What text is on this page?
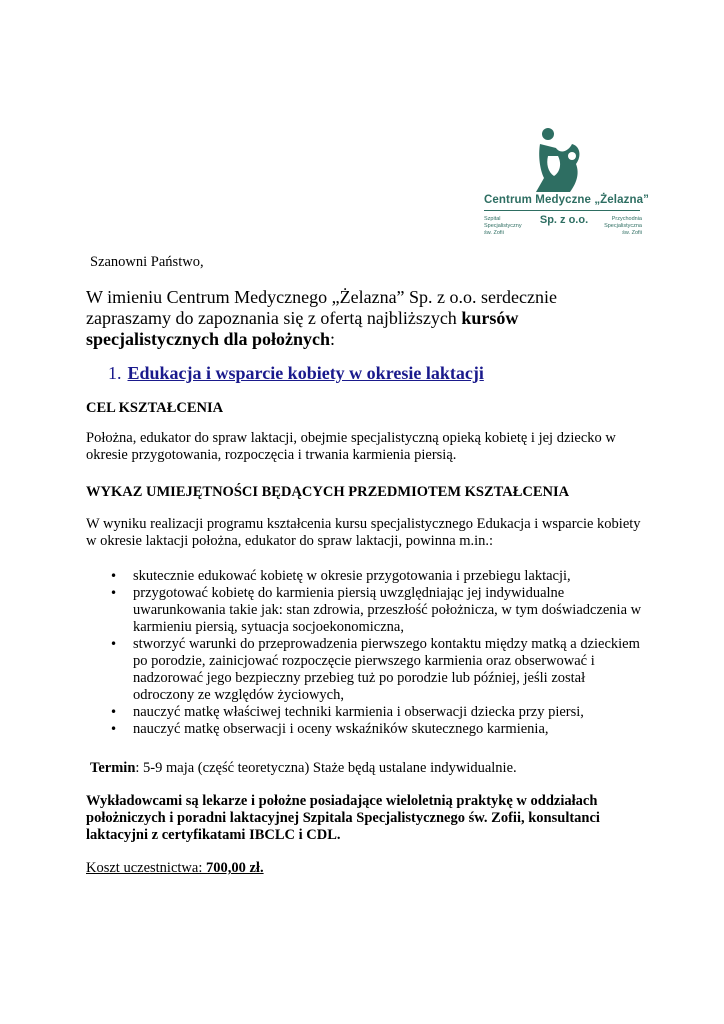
Centrum Medyczne „Żelazna”
Sp. z o.o.
Szpital
Specjalistyczny
św. Zofii
Przychodnia
Specjalistyczna
św. Zofii
Szanowni Państwo,
W imieniu Centrum Medycznego „Żelazna” Sp. z o.o. serdecznie zapraszamy do zapoznania się z ofertą najbliższych kursów specjalistycznych dla położnych:
1. Edukacja i wsparcie kobiety w okresie laktacji
CEL KSZTAŁCENIA
Położna, edukator do spraw laktacji, obejmie specjalistyczną opieką kobietę i jej dziecko w okresie przygotowania, rozpoczęcia i trwania karmienia piersią.
WYKAZ UMIEJĘTNOŚCI BĘDĄCYCH PRZEDMIOTEM KSZTAŁCENIA
W wyniku realizacji programu kształcenia kursu specjalistycznego Edukacja i wsparcie kobiety w okresie laktacji położna, edukator do spraw laktacji, powinna m.in.:
• skutecznie edukować kobietę w okresie przygotowania i przebiegu laktacji,
• przygotować kobietę do karmienia piersią uwzględniając jej indywidualne uwarunkowania takie jak: stan zdrowia, przeszłość położnicza, w tym doświadczenia w karmieniu piersią, sytuacja socjoekonomiczna,
• stworzyć warunki do przeprowadzenia pierwszego kontaktu między matką a dzieckiem po porodzie, zainicjować rozpoczęcie pierwszego karmienia oraz obserwować i nadzorować jego bezpieczny przebieg tuż po porodzie lub później, jeśli został odroczony ze względów życiowych,
• nauczyć matkę właściwej techniki karmienia i obserwacji dziecka przy piersi,
• nauczyć matkę obserwacji i oceny wskaźników skutecznego karmienia,
Termin: 5-9 maja (część teoretyczna) Staże będą ustalane indywidualnie.
Wykładowcami są lekarze i położne posiadające wieloletnią praktykę w oddziałach położniczych i poradni laktacyjnej Szpitala Specjalistycznego św. Zofii, konsultanci laktacyjni z certyfikatami IBCLC i CDL.
Koszt uczestnictwa: 700,00 zł.
